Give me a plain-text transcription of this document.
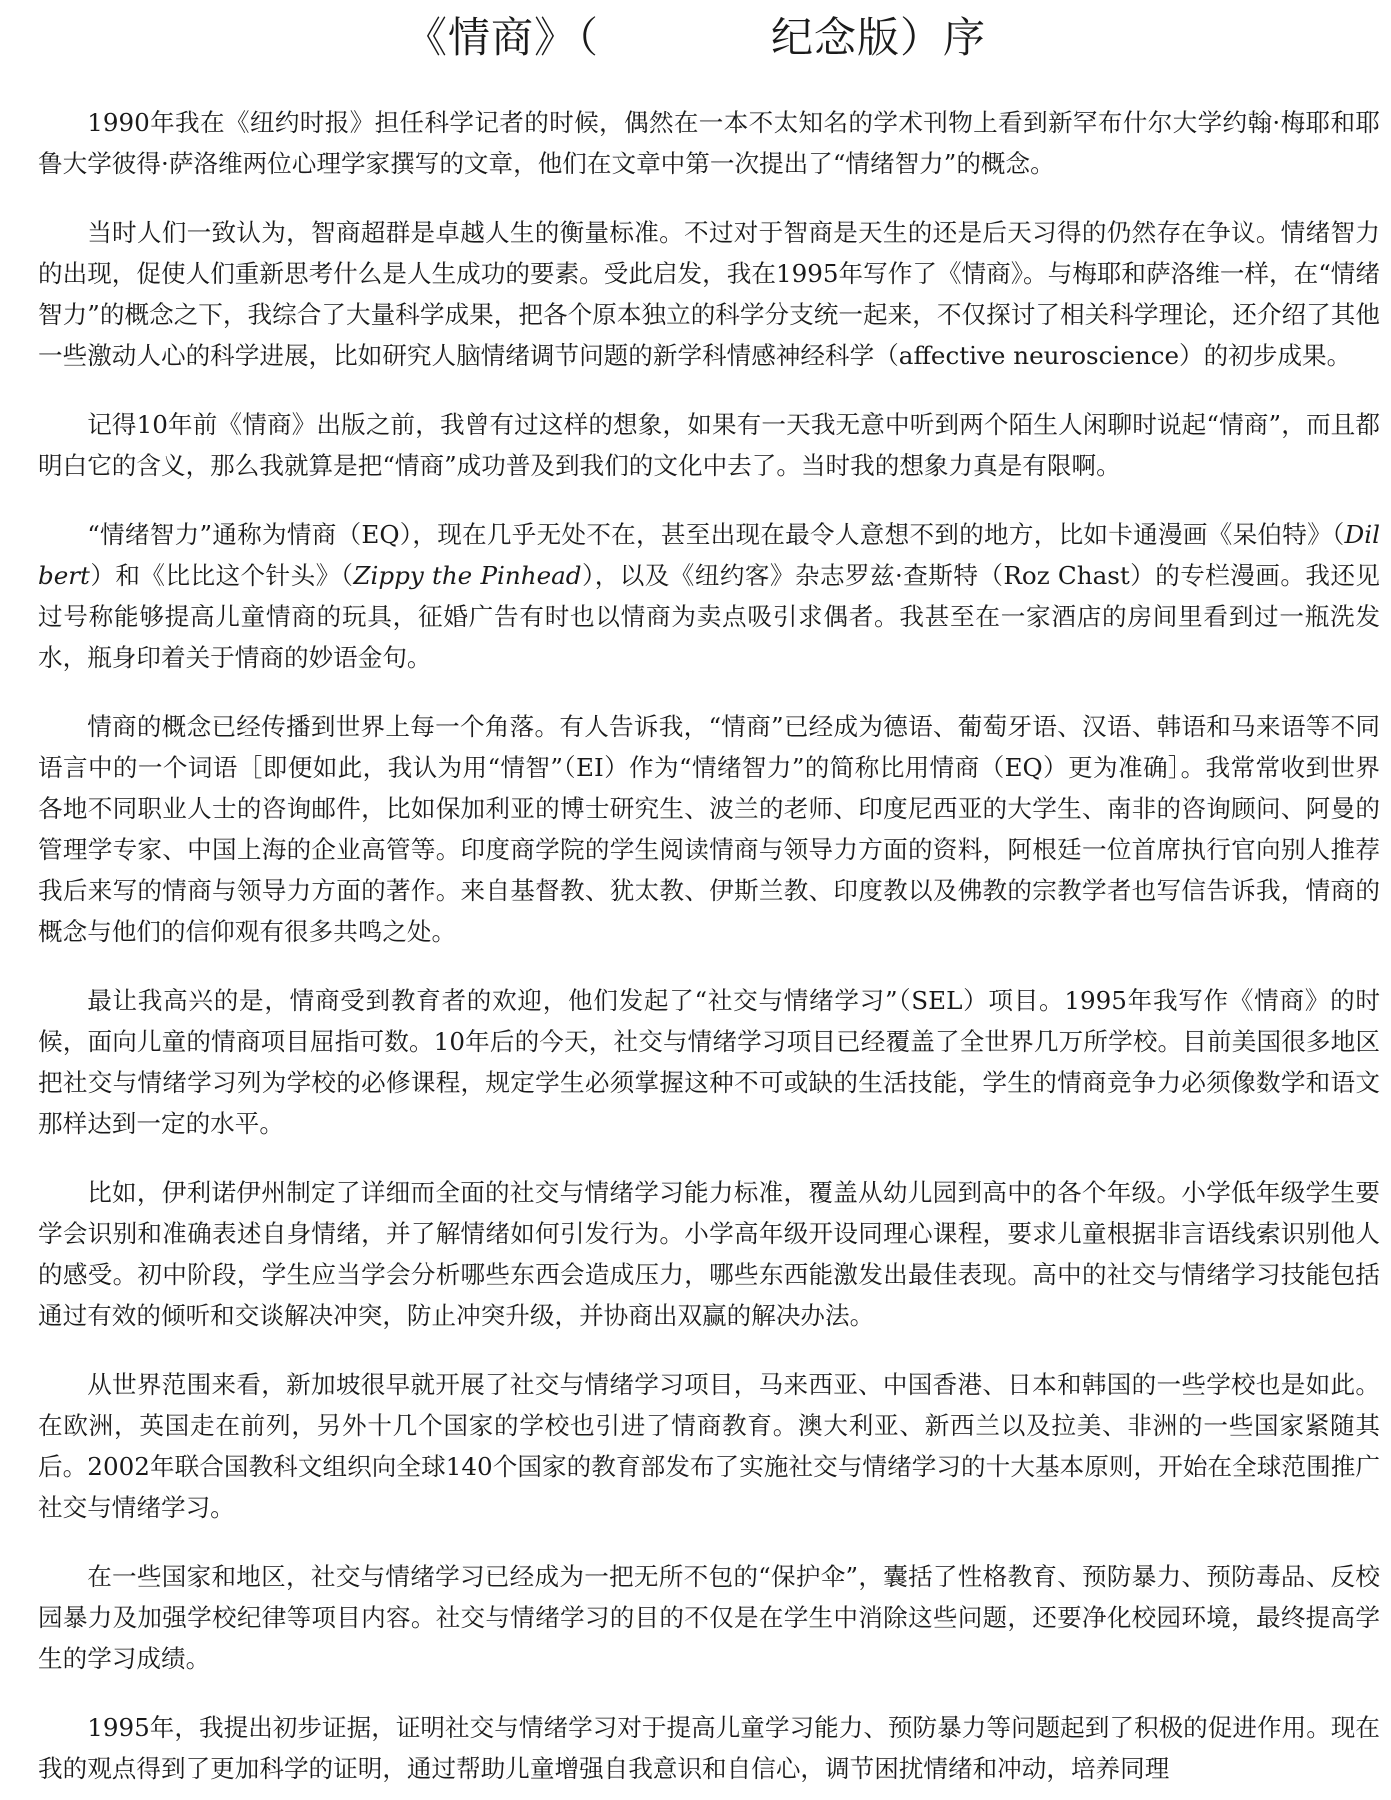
《情商》（　　　　纪念版）序

1990年我在《纽约时报》担任科学记者的时候，偶然在一本不太知名的学术刊物上看到新罕布什尔大学约翰·梅耶和耶鲁大学彼得·萨洛维两位心理学家撰写的文章，他们在文章中第一次提出了“情绪智力”的概念。

当时人们一致认为，智商超群是卓越人生的衡量标准。不过对于智商是天生的还是后天习得的仍然存在争议。情绪智力的出现，促使人们重新思考什么是人生成功的要素。受此启发，我在1995年写作了《情商》。与梅耶和萨洛维一样，在“情绪智力”的概念之下，我综合了大量科学成果，把各个原本独立的科学分支统一起来，不仅探讨了相关科学理论，还介绍了其他一些激动人心的科学进展，比如研究人脑情绪调节问题的新学科情感神经科学（affective neuroscience）的初步成果。

记得10年前《情商》出版之前，我曾有过这样的想象，如果有一天我无意中听到两个陌生人闲聊时说起“情商”，而且都明白它的含义，那么我就算是把“情商”成功普及到我们的文化中去了。当时我的想象力真是有限啊。

“情绪智力”通称为情商（EQ），现在几乎无处不在，甚至出现在最令人意想不到的地方，比如卡通漫画《呆伯特》（Dilbert）和《比比这个针头》（Zippy the Pinhead），以及《纽约客》杂志罗兹·查斯特（Roz Chast）的专栏漫画。我还见过号称能够提高儿童情商的玩具，征婚广告有时也以情商为卖点吸引求偶者。我甚至在一家酒店的房间里看到过一瓶洗发水，瓶身印着关于情商的妙语金句。

情商的概念已经传播到世界上每一个角落。有人告诉我，“情商”已经成为德语、葡萄牙语、汉语、韩语和马来语等不同语言中的一个词语［即便如此，我认为用“情智”（EI）作为“情绪智力”的简称比用情商（EQ）更为准确］。我常常收到世界各地不同职业人士的咨询邮件，比如保加利亚的博士研究生、波兰的老师、印度尼西亚的大学生、南非的咨询顾问、阿曼的管理学专家、中国上海的企业高管等。印度商学院的学生阅读情商与领导力方面的资料，阿根廷一位首席执行官向别人推荐我后来写的情商与领导力方面的著作。来自基督教、犹太教、伊斯兰教、印度教以及佛教的宗教学者也写信告诉我，情商的概念与他们的信仰观有很多共鸣之处。

最让我高兴的是，情商受到教育者的欢迎，他们发起了“社交与情绪学习”（SEL）项目。1995年我写作《情商》的时候，面向儿童的情商项目屈指可数。10年后的今天，社交与情绪学习项目已经覆盖了全世界几万所学校。目前美国很多地区把社交与情绪学习列为学校的必修课程，规定学生必须掌握这种不可或缺的生活技能，学生的情商竞争力必须像数学和语文那样达到一定的水平。

比如，伊利诺伊州制定了详细而全面的社交与情绪学习能力标准，覆盖从幼儿园到高中的各个年级。小学低年级学生要学会识别和准确表述自身情绪，并了解情绪如何引发行为。小学高年级开设同理心课程，要求儿童根据非言语线索识别他人的感受。初中阶段，学生应当学会分析哪些东西会造成压力，哪些东西能激发出最佳表现。高中的社交与情绪学习技能包括通过有效的倾听和交谈解决冲突，防止冲突升级，并协商出双赢的解决办法。

从世界范围来看，新加坡很早就开展了社交与情绪学习项目，马来西亚、中国香港、日本和韩国的一些学校也是如此。在欧洲，英国走在前列，另外十几个国家的学校也引进了情商教育。澳大利亚、新西兰以及拉美、非洲的一些国家紧随其后。2002年联合国教科文组织向全球140个国家的教育部发布了实施社交与情绪学习的十大基本原则，开始在全球范围推广社交与情绪学习。

在一些国家和地区，社交与情绪学习已经成为一把无所不包的“保护伞”，囊括了性格教育、预防暴力、预防毒品、反校园暴力及加强学校纪律等项目内容。社交与情绪学习的目的不仅是在学生中消除这些问题，还要净化校园环境，最终提高学生的学习成绩。

1995年，我提出初步证据，证明社交与情绪学习对于提高儿童学习能力、预防暴力等问题起到了积极的促进作用。现在我的观点得到了更加科学的证明，通过帮助儿童增强自我意识和自信心，调节困扰情绪和冲动，培养同理
